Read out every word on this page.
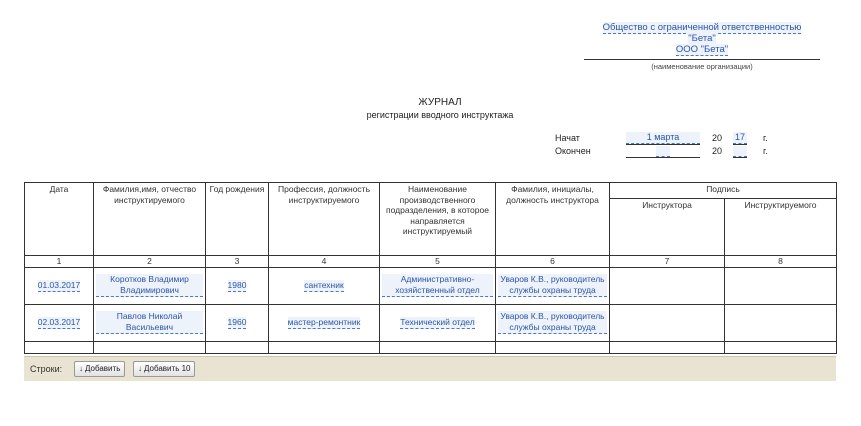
Общество с ограниченной ответственностью
"Бета"
ООО "Бета"
(наименование организации)
ЖУРНАЛ
регистрации вводного инструктажа
Начат	1 марта	20 17 г.
Окончен	20	г.
Дата	Фамилия,имя, отчество инструктируемого	Год рождения	Профессия, должность инструктируемого	Наименование производственного подразделения, в которое направляется инструктируемый	Фамилия, инициалы, должность инструктора	Подпись	
						Инструктора	Инструктируемого
1	2	3	4	5	6	7	8
01.03.2017	Коротков Владимир Владимирович	1980	сантехник	Административно-хозяйственный отдел	Уваров К.В., руководитель службы охраны труда		
02.03.2017	Павлов Николай Васильевич	1960	мастер-ремонтник	Технический отдел	Уваров К.В., руководитель службы охраны труда		

Строки:	↓ Добавить	↓ Добавить 10
